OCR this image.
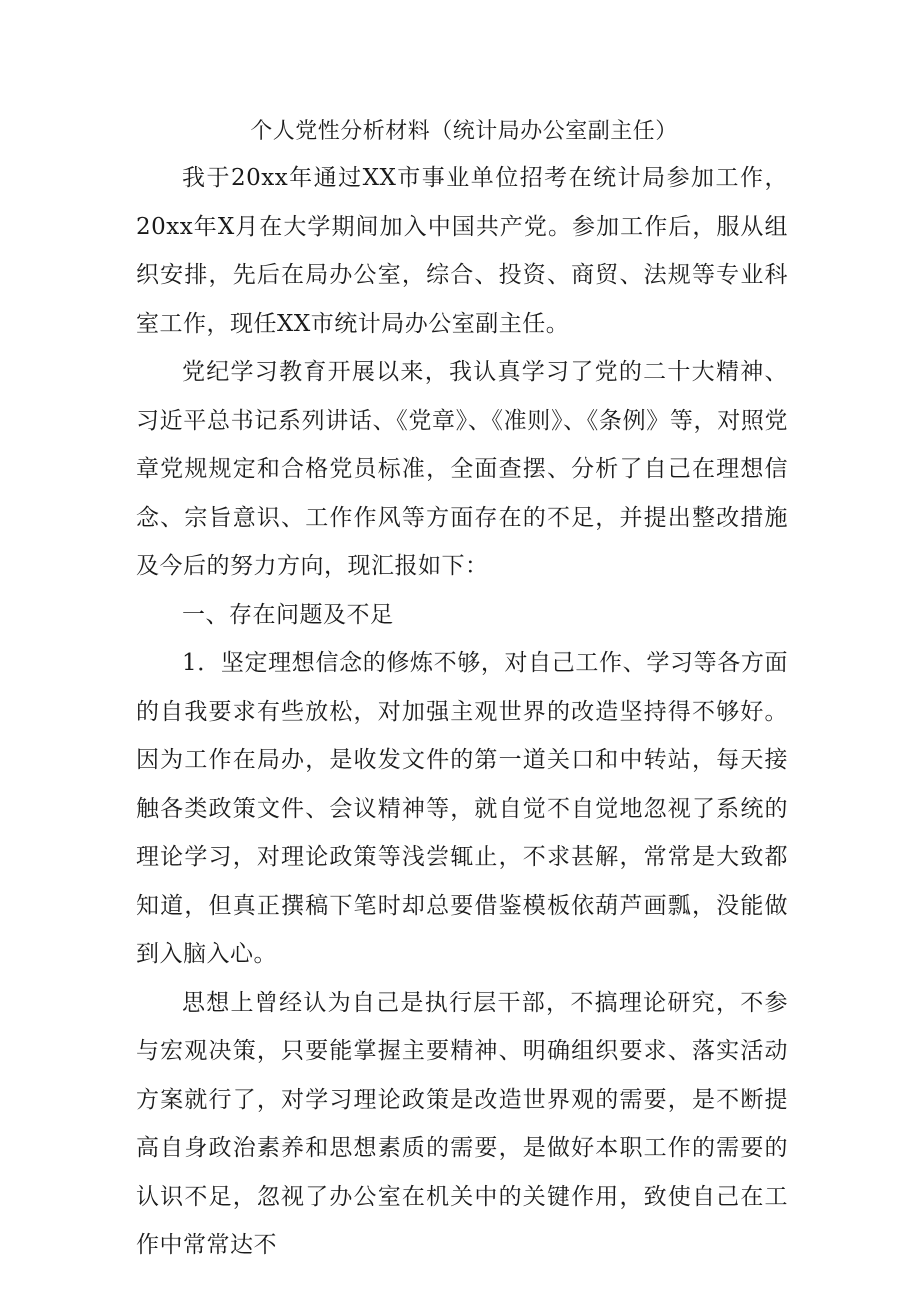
个人党性分析材料（统计局办公室副主任）

我于20xx年通过XX市事业单位招考在统计局参加工作，20xx年X月在大学期间加入中国共产党。参加工作后，服从组织安排，先后在局办公室，综合、投资、商贸、法规等专业科室工作，现任XX市统计局办公室副主任。

党纪学习教育开展以来，我认真学习了党的二十大精神、习近平总书记系列讲话、《党章》、《准则》、《条例》等，对照党章党规规定和合格党员标准，全面查摆、分析了自己在理想信念、宗旨意识、工作作风等方面存在的不足，并提出整改措施及今后的努力方向，现汇报如下：

一、存在问题及不足

1．坚定理想信念的修炼不够，对自己工作、学习等各方面的自我要求有些放松，对加强主观世界的改造坚持得不够好。因为工作在局办，是收发文件的第一道关口和中转站，每天接触各类政策文件、会议精神等，就自觉不自觉地忽视了系统的理论学习，对理论政策等浅尝辄止，不求甚解，常常是大致都知道，但真正撰稿下笔时却总要借鉴模板依葫芦画瓢，没能做到入脑入心。

思想上曾经认为自己是执行层干部，不搞理论研究，不参与宏观决策，只要能掌握主要精神、明确组织要求、落实活动方案就行了，对学习理论政策是改造世界观的需要，是不断提高自身政治素养和思想素质的需要，是做好本职工作的需要的认识不足，忽视了办公室在机关中的关键作用，致使自己在工作中常常达不
